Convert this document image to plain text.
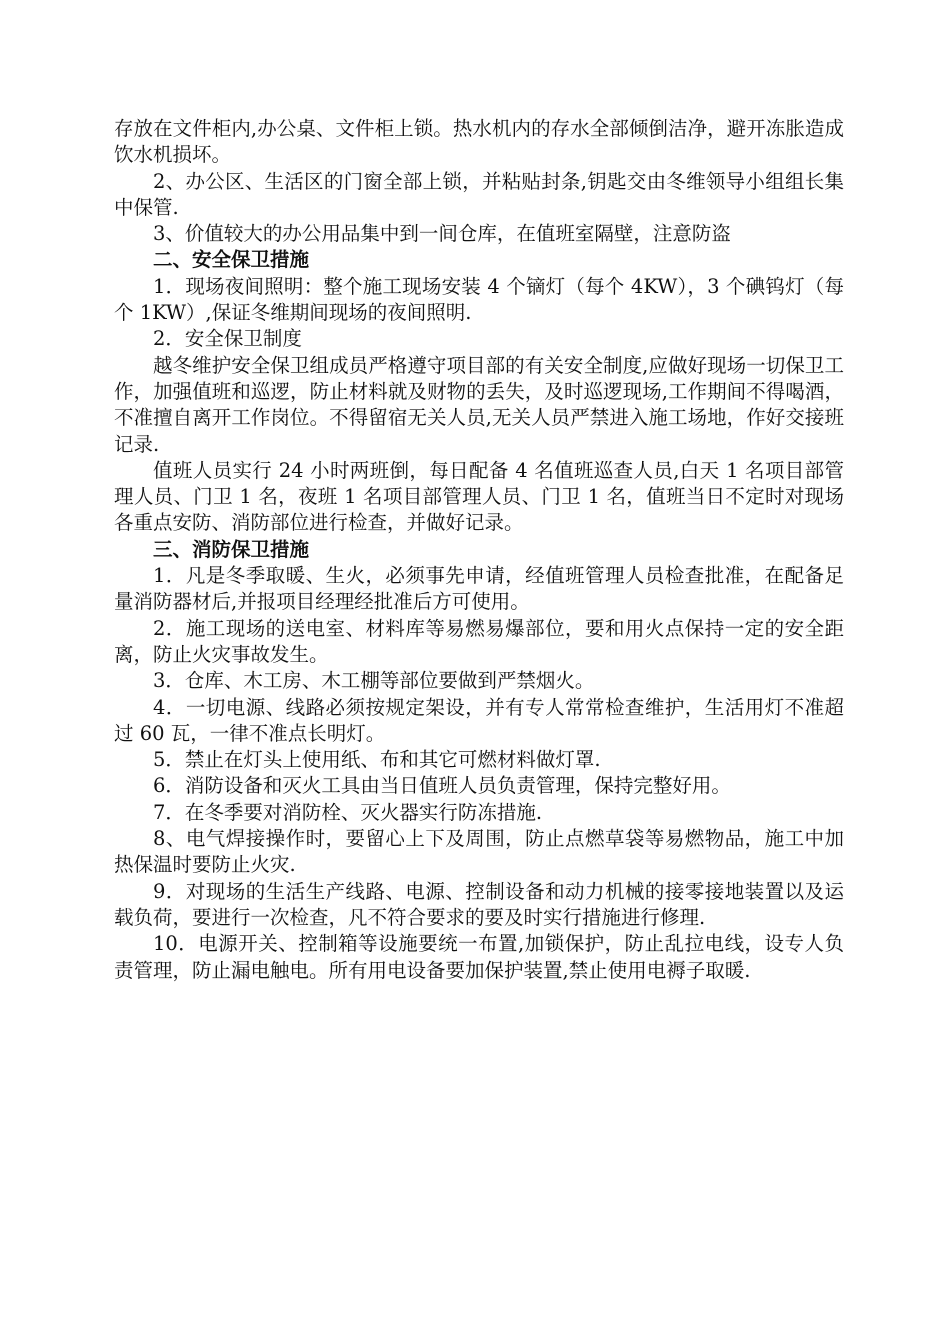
存放在文件柜内,办公桌、文件柜上锁。热水机内的存水全部倾倒洁净，避开冻胀造成饮水机损坏。

2、办公区、生活区的门窗全部上锁，并粘贴封条,钥匙交由冬维领导小组组长集中保管.

3、价值较大的办公用品集中到一间仓库，在值班室隔壁，注意防盗

二、安全保卫措施

1．现场夜间照明：整个施工现场安装 4 个镝灯（每个 4KW），3 个碘钨灯（每个 1KW）,保证冬维期间现场的夜间照明.

2．安全保卫制度

越冬维护安全保卫组成员严格遵守项目部的有关安全制度,应做好现场一切保卫工作，加强值班和巡逻，防止材料就及财物的丢失，及时巡逻现场,工作期间不得喝酒，不准擅自离开工作岗位。不得留宿无关人员,无关人员严禁进入施工场地，作好交接班记录.

值班人员实行 24 小时两班倒，每日配备 4 名值班巡查人员,白天 1 名项目部管理人员、门卫 1 名，夜班 1 名项目部管理人员、门卫 1 名，值班当日不定时对现场各重点安防、消防部位进行检查，并做好记录。

三、消防保卫措施

1．凡是冬季取暖、生火，必须事先申请，经值班管理人员检查批准，在配备足量消防器材后,并报项目经理经批准后方可使用。

2．施工现场的送电室、材料库等易燃易爆部位，要和用火点保持一定的安全距离，防止火灾事故发生。

3．仓库、木工房、木工棚等部位要做到严禁烟火。

4．一切电源、线路必须按规定架设，并有专人常常检查维护，生活用灯不准超过 60 瓦，一律不准点长明灯。

5．禁止在灯头上使用纸、布和其它可燃材料做灯罩.

6．消防设备和灭火工具由当日值班人员负责管理，保持完整好用。

7．在冬季要对消防栓、灭火器实行防冻措施.

8、电气焊接操作时，要留心上下及周围，防止点燃草袋等易燃物品，施工中加热保温时要防止火灾.

9．对现场的生活生产线路、电源、控制设备和动力机械的接零接地装置以及运载负荷，要进行一次检查，凡不符合要求的要及时实行措施进行修理.

10．电源开关、控制箱等设施要统一布置,加锁保护，防止乱拉电线，设专人负责管理，防止漏电触电。所有用电设备要加保护装置,禁止使用电褥子取暖.
